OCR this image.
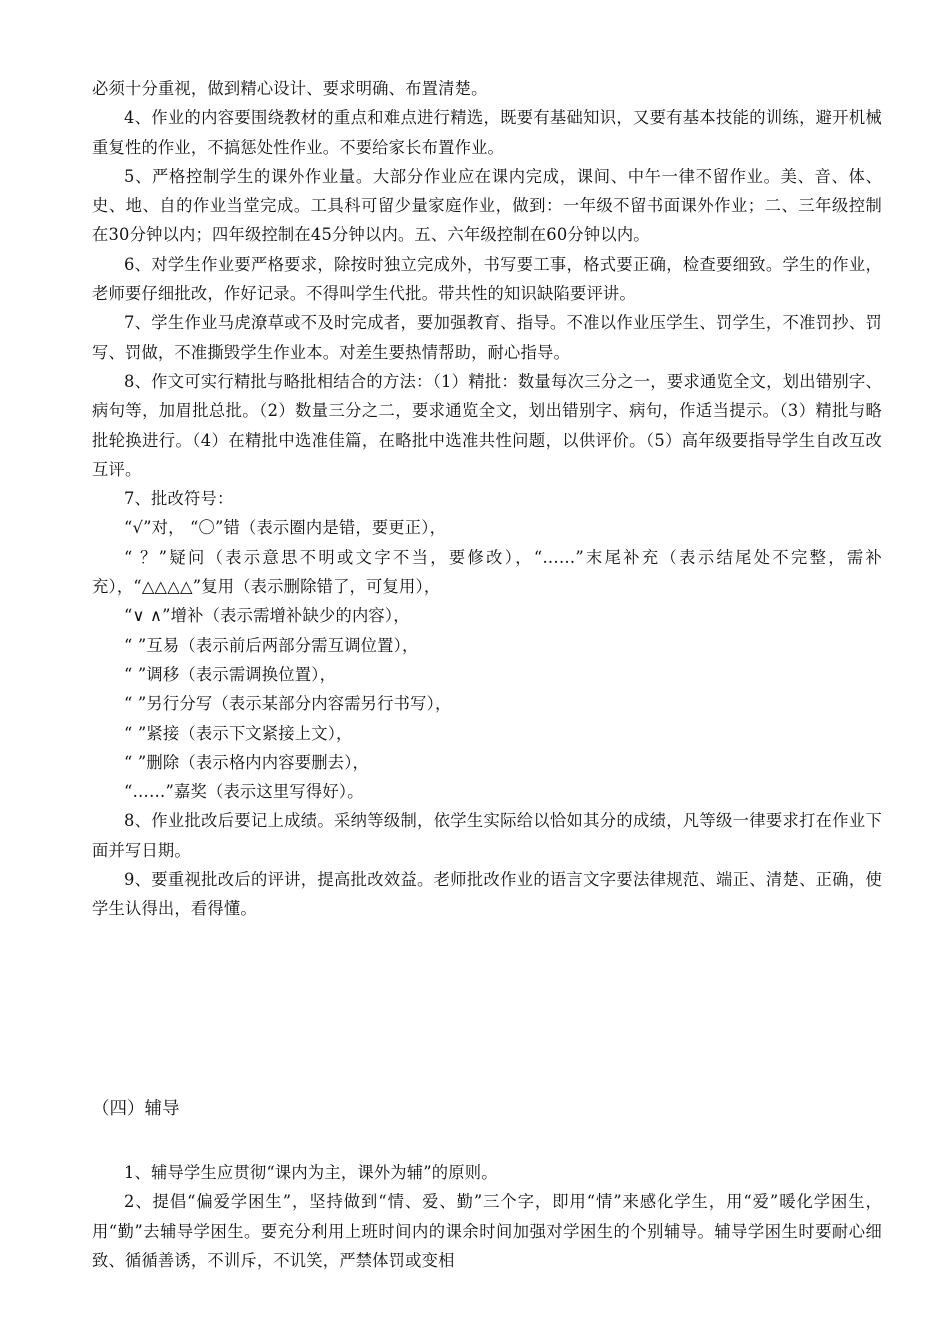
必须十分重视，做到精心设计、要求明确、布置清楚。

4、作业的内容要围绕教材的重点和难点进行精选，既要有基础知识，又要有基本技能的训练，避开机械重复性的作业，不搞惩处性作业。不要给家长布置作业。

5、严格控制学生的课外作业量。大部分作业应在课内完成，课间、中午一律不留作业。美、音、体、史、地、自的作业当堂完成。工具科可留少量家庭作业，做到：一年级不留书面课外作业；二、三年级控制在30分钟以内；四年级控制在45分钟以内。五、六年级控制在60分钟以内。

6、对学生作业要严格要求，除按时独立完成外，书写要工事，格式要正确，检查要细致。学生的作业，老师要仔细批改，作好记录。不得叫学生代批。带共性的知识缺陷要评讲。

7、学生作业马虎潦草或不及时完成者，要加强教育、指导。不准以作业压学生、罚学生，不准罚抄、罚写、罚做，不准撕毁学生作业本。对差生要热情帮助，耐心指导。

8、作文可实行精批与略批相结合的方法：（1）精批：数量每次三分之一，要求通览全文，划出错别字、病句等，加眉批总批。（2）数量三分之二，要求通览全文，划出错别字、病句，作适当提示。（3）精批与略批轮换进行。（4）在精批中选准佳篇，在略批中选准共性问题，以供评价。（5）高年级要指导学生自改互改互评。

7、批改符号：

“√”对， “〇”错（表示圈内是错，要更正），

“ ？”疑问（表示意思不明或文字不当，要修改），“……”末尾补充（表示结尾处不完整，需补充），“△△△△”复用（表示删除错了，可复用），

“∨ ∧”增补（表示需增补缺少的内容），

“ ”互易（表示前后两部分需互调位置），

“ ”调移（表示需调换位置），

“ ”另行分写（表示某部分内容需另行书写），

“ ”紧接（表示下文紧接上文），

“ ”删除（表示格内内容要删去），

“……”嘉奖（表示这里写得好）。

8、作业批改后要记上成绩。采纳等级制，依学生实际给以恰如其分的成绩，凡等级一律要求打在作业下面并写日期。

9、要重视批改后的评讲，提高批改效益。老师批改作业的语言文字要法律规范、端正、清楚、正确，使学生认得出，看得懂。

（四）辅导

1、辅导学生应贯彻“课内为主，课外为辅”的原则。

2、提倡“偏爱学困生”，坚持做到“情、爱、勤”三个字，即用“情”来感化学生，用“爱”暖化学困生，用“勤”去辅导学困生。要充分利用上班时间内的课余时间加强对学困生的个别辅导。辅导学困生时要耐心细致、循循善诱，不训斥，不讥笑，严禁体罚或变相
